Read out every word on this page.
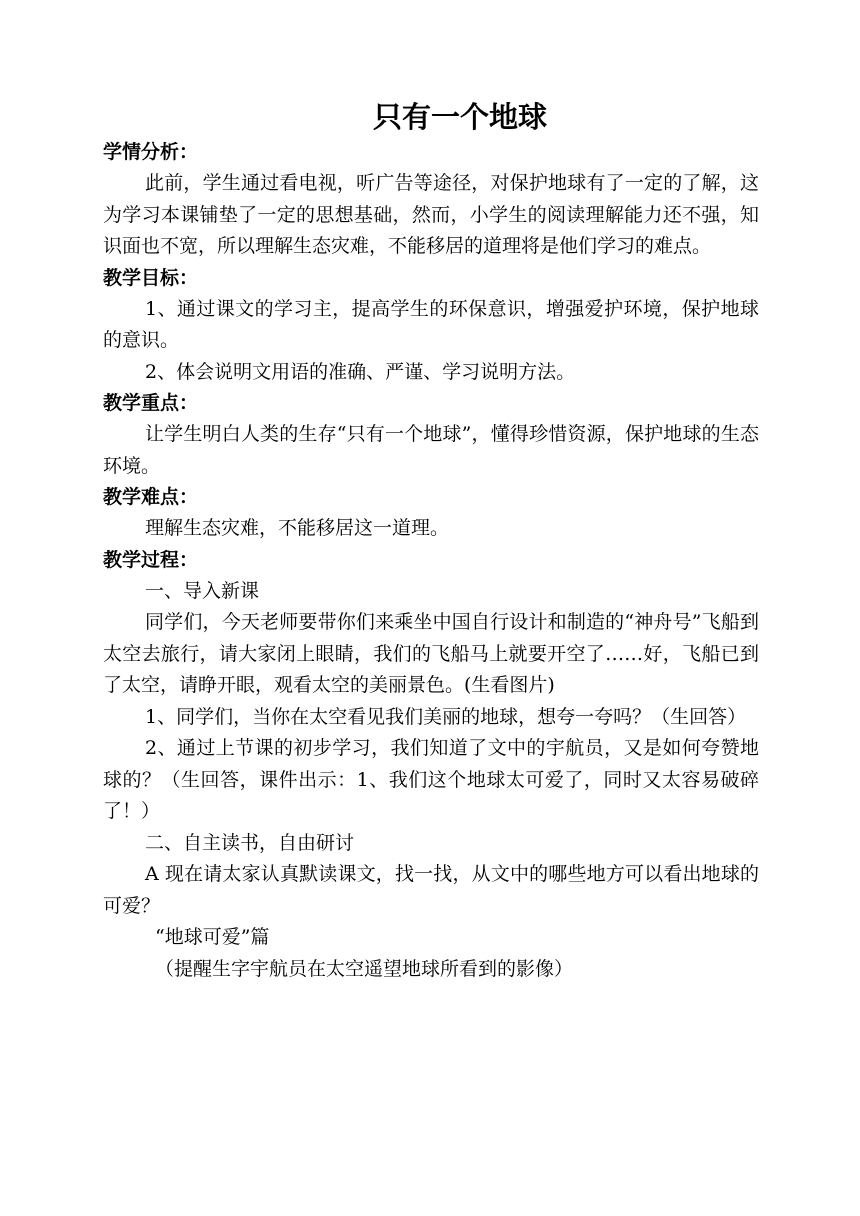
只有一个地球

学情分析：

此前，学生通过看电视，听广告等途径，对保护地球有了一定的了解，这为学习本课铺垫了一定的思想基础，然而，小学生的阅读理解能力还不强，知识面也不宽，所以理解生态灾难，不能移居的道理将是他们学习的难点。

教学目标：

1、通过课文的学习主，提高学生的环保意识，增强爱护环境，保护地球的意识。

2、体会说明文用语的准确、严谨、学习说明方法。

教学重点：

让学生明白人类的生存“只有一个地球”，懂得珍惜资源，保护地球的生态环境。

教学难点：

理解生态灾难，不能移居这一道理。

教学过程：

一、导入新课

同学们，今天老师要带你们来乘坐中国自行设计和制造的“神舟号”飞船到太空去旅行，请大家闭上眼睛，我们的飞船马上就要开空了……好，飞船已到了太空，请睁开眼，观看太空的美丽景色。(生看图片)

1、同学们，当你在太空看见我们美丽的地球，想夸一夸吗？（生回答）

2、通过上节课的初步学习，我们知道了文中的宇航员，又是如何夸赞地球的？（生回答，课件出示：1、我们这个地球太可爱了，同时又太容易破碎了！）

二、自主读书，自由研讨

A 现在请太家认真默读课文，找一找，从文中的哪些地方可以看出地球的可爱？

“地球可爱”篇

（提醒生字宇航员在太空遥望地球所看到的影像）
